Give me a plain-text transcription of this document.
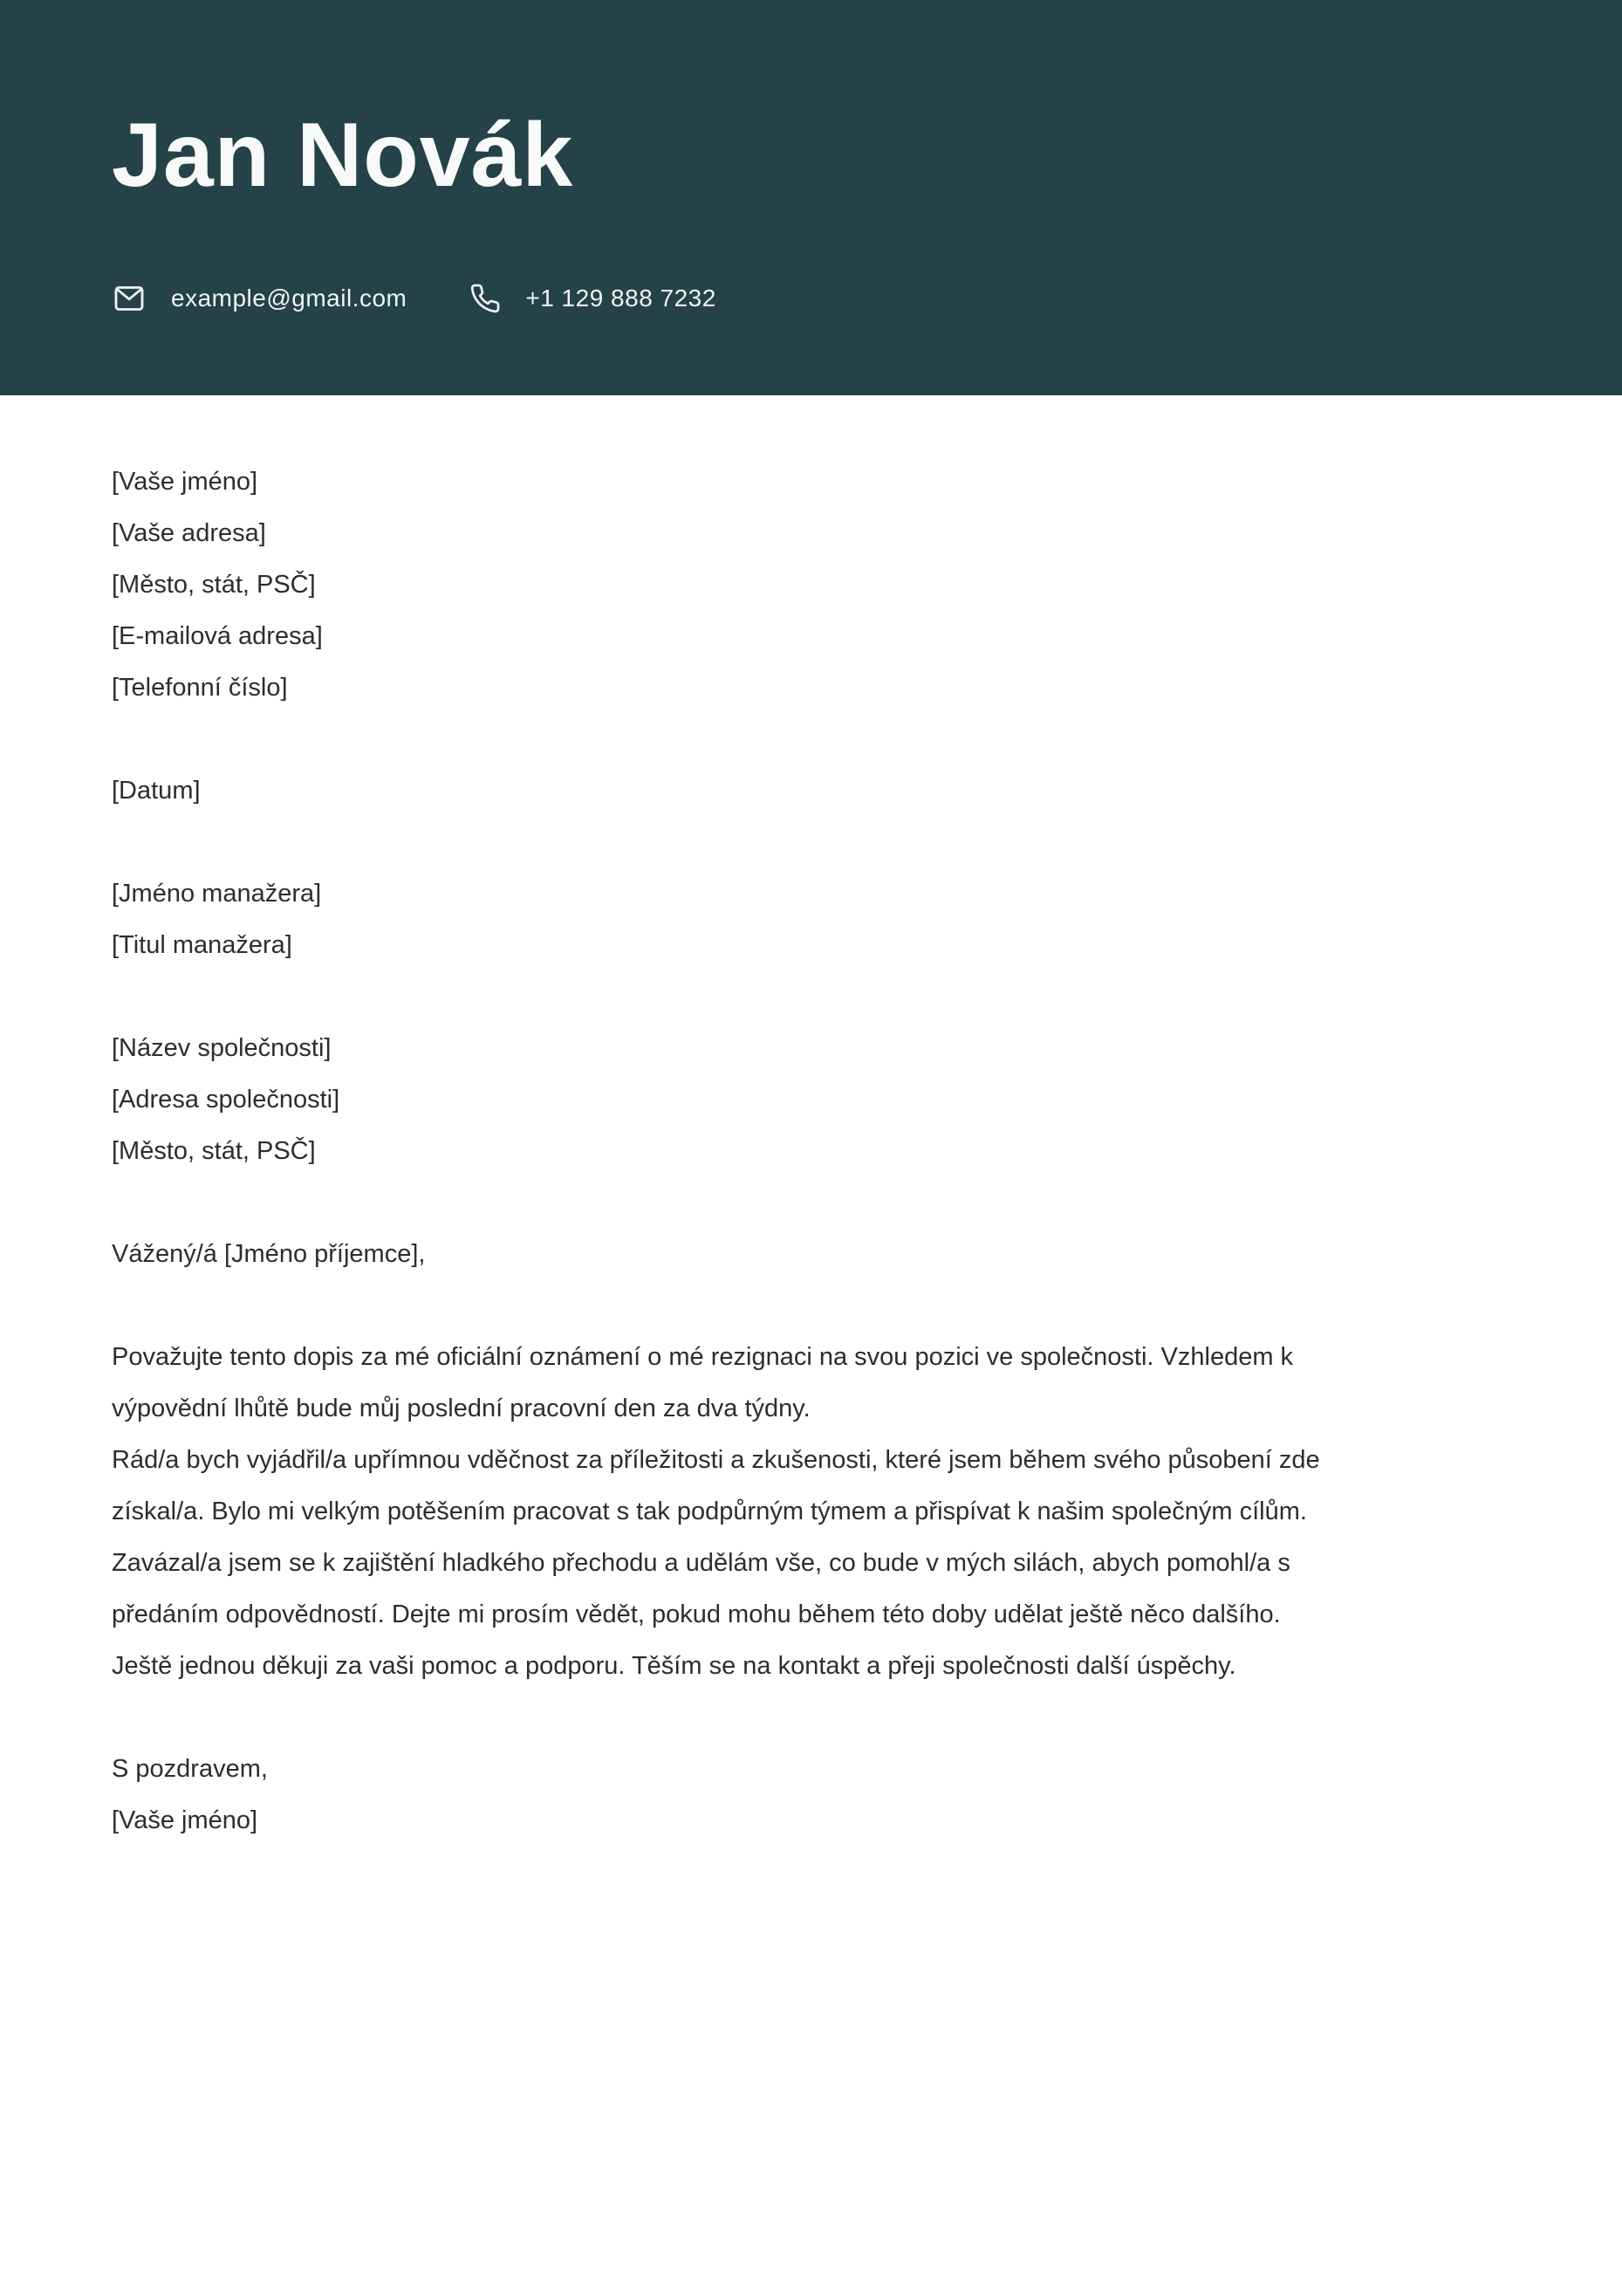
Jan Novák
example@gmail.com	+1 129 888 7232
[Vaše jméno]
[Vaše adresa]
[Město, stát, PSČ]
[E-mailová adresa]
[Telefonní číslo]
[Datum]
[Jméno manažera]
[Titul manažera]
[Název společnosti]
[Adresa společnosti]
[Město, stát, PSČ]
Vážený/á [Jméno příjemce],
Považujte tento dopis za mé oficiální oznámení o mé rezignaci na svou pozici ve společnosti. Vzhledem k
výpovědní lhůtě bude můj poslední pracovní den za dva týdny.
Rád/a bych vyjádřil/a upřímnou vděčnost za příležitosti a zkušenosti, které jsem během svého působení zde
získal/a. Bylo mi velkým potěšením pracovat s tak podpůrným týmem a přispívat k našim společným cílům.
Zavázal/a jsem se k zajištění hladkého přechodu a udělám vše, co bude v mých silách, abych pomohl/a s
předáním odpovědností. Dejte mi prosím vědět, pokud mohu během této doby udělat ještě něco dalšího.
Ještě jednou děkuji za vaši pomoc a podporu. Těším se na kontakt a přeji společnosti další úspěchy.
S pozdravem,
[Vaše jméno]
